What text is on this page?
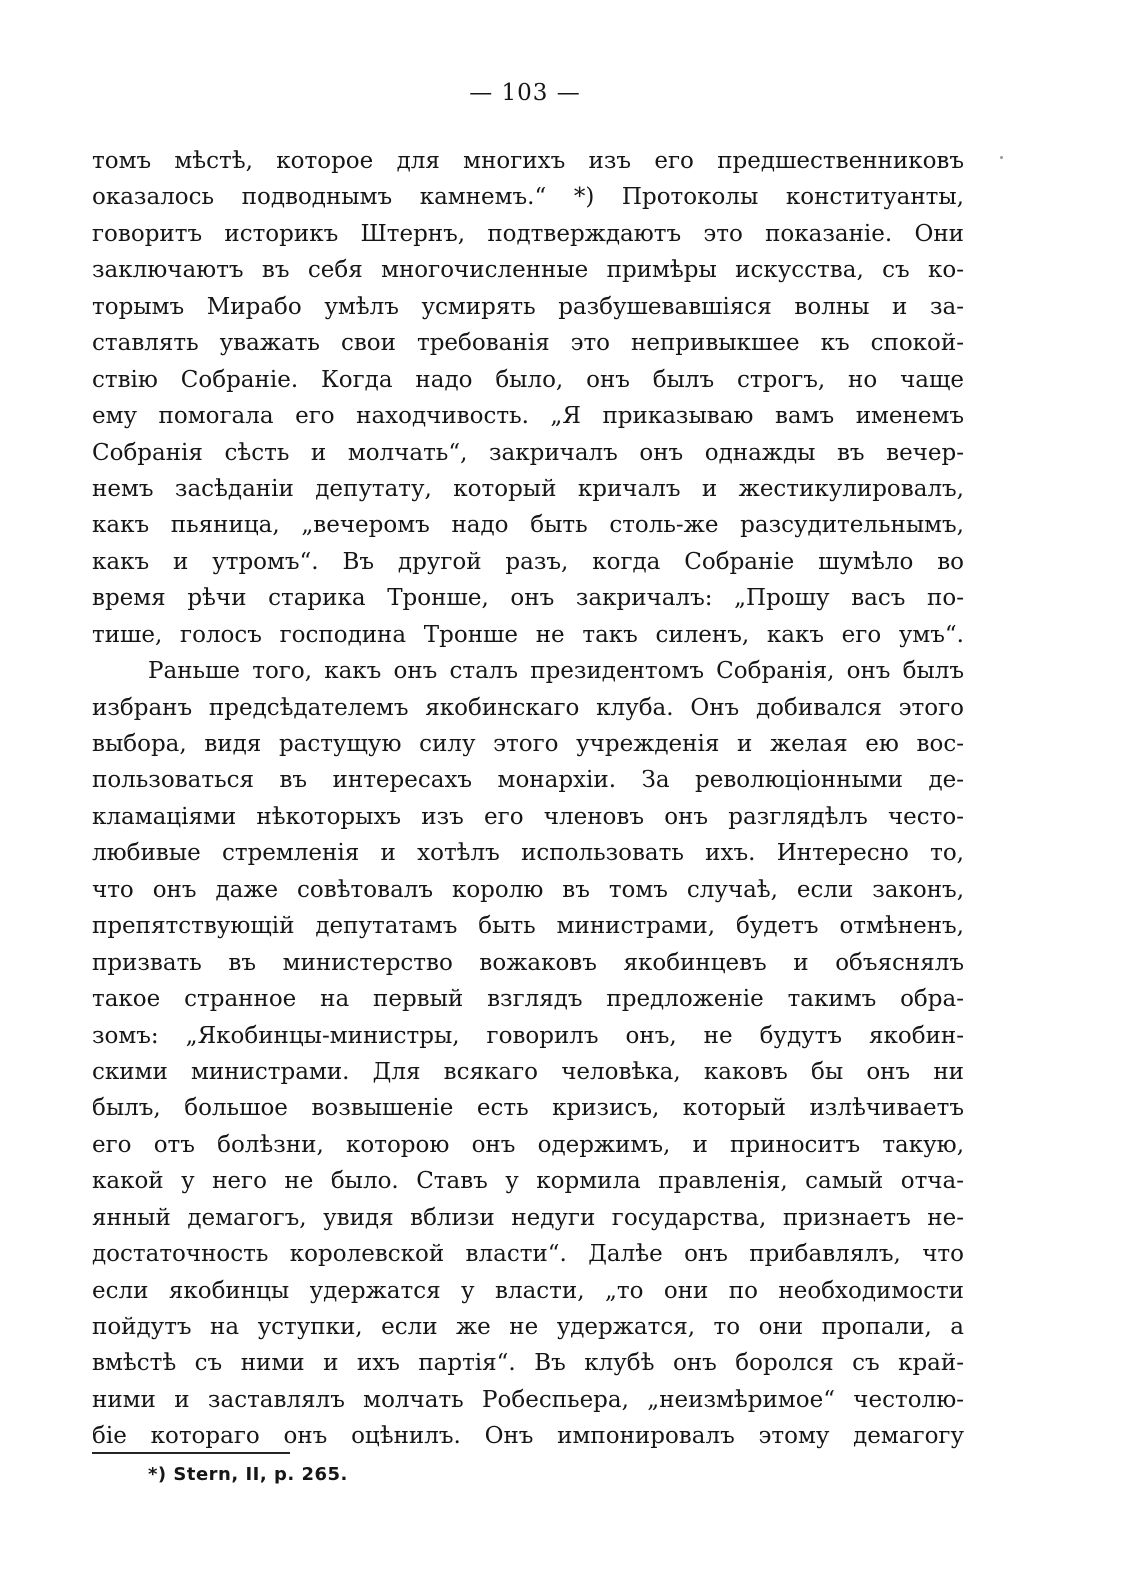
— 103 —
томъ мѣстѣ, которое для многихъ изъ его предшественниковъ
оказалось подводнымъ камнемъ.“ *) Протоколы конституанты,
говоритъ историкъ Штернъ, подтверждаютъ это показаніе. Они
заключаютъ въ себя многочисленные примѣры искусства, съ ко-
торымъ Мирабо умѣлъ усмирять разбушевавшіяся волны и за-
ставлять уважать свои требованія это непривыкшее къ спокой-
ствію Собраніе. Когда надо было, онъ былъ строгъ, но чаще
ему помогала его находчивость. „Я приказываю вамъ именемъ
Собранія сѣсть и молчать“, закричалъ онъ однажды въ вечер-
немъ засѣданіи депутату, который кричалъ и жестикулировалъ,
какъ пьяница, „вечеромъ надо быть столь-же разсудительнымъ,
какъ и утромъ“. Въ другой разъ, когда Собраніе шумѣло во
время рѣчи старика Тронше, онъ закричалъ: „Прошу васъ по-
тише, голосъ господина Тронше не такъ силенъ, какъ его умъ“.
Раньше того, какъ онъ сталъ президентомъ Собранія, онъ былъ
избранъ предсѣдателемъ якобинскаго клуба. Онъ добивался этого
выбора, видя растущую силу этого учрежденія и желая ею вос-
пользоваться въ интересахъ монархіи. За революціонными де-
кламаціями нѣкоторыхъ изъ его членовъ онъ разглядѣлъ често-
любивые стремленія и хотѣлъ использовать ихъ. Интересно то,
что онъ даже совѣтовалъ королю въ томъ случаѣ, если законъ,
препятствующій депутатамъ быть министрами, будетъ отмѣненъ,
призвать въ министерство вожаковъ якобинцевъ и объяснялъ
такое странное на первый взглядъ предложеніе такимъ обра-
зомъ: „Якобинцы-министры, говорилъ онъ, не будутъ якобин-
скими министрами. Для всякаго человѣка, каковъ бы онъ ни
былъ, большое возвышеніе есть кризисъ, который излѣчиваетъ
его отъ болѣзни, которою онъ одержимъ, и приноситъ такую,
какой у него не было. Ставъ у кормила правленія, самый отча-
янный демагогъ, увидя вблизи недуги государства, признаетъ не-
достаточность королевской власти“. Далѣе онъ прибавлялъ, что
если якобинцы удержатся у власти, „то они по необходимости
пойдутъ на уступки, если же не удержатся, то они пропали, а
вмѣстѣ съ ними и ихъ партія“. Въ клубѣ онъ боролся съ край-
ними и заставлялъ молчать Робеспьера, „неизмѣримое“ честолю-
біе котораго онъ оцѣнилъ. Онъ импонировалъ этому демагогу
*) Stern, II, p. 265.
